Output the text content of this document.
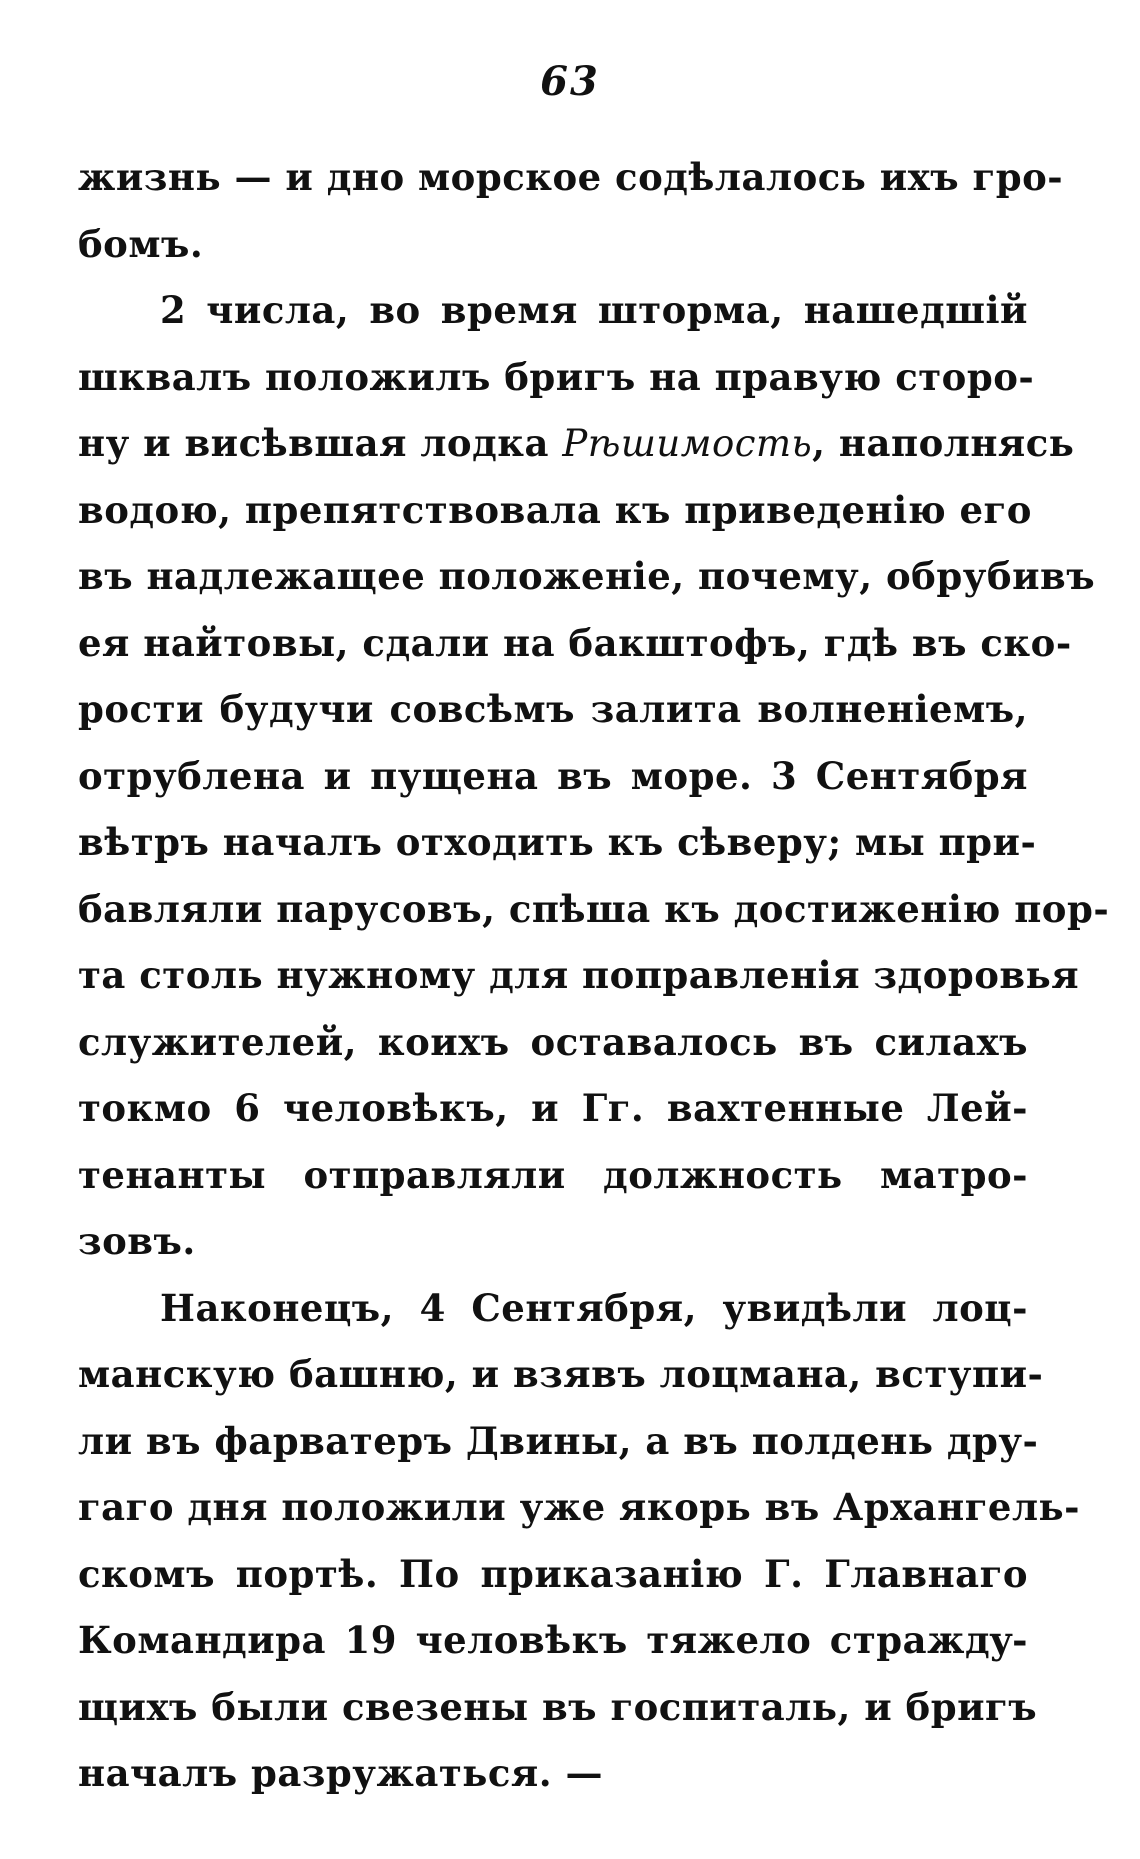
63
жизнь — и дно морское содѣлалось ихъ гро-
бомъ.
2 числа, во время шторма, нашедшій
шквалъ положилъ бригъ на правую сторо-
ну и висѣвшая лодка Рѣшимость, наполнясь
водою, препятствовала къ приведенію его
въ надлежащее положеніе, почему, обрубивъ
ея найтовы, сдали на бакштофъ, гдѣ въ ско-
рости будучи совсѣмъ залита волненіемъ,
отрублена и пущена въ море. 3 Сентября
вѣтръ началъ отходить къ сѣверу; мы при-
бавляли парусовъ, спѣша къ достиженію пор-
та столь нужному для поправленія здоровья
служителей, коихъ оставалось въ силахъ
токмо 6 человѣкъ, и Гг. вахтенные Лей-
тенанты отправляли должность матро-
зовъ.
Наконецъ, 4 Сентября, увидѣли лоц-
манскую башню, и взявъ лоцмана, вступи-
ли въ фарватеръ Двины, а въ полдень дру-
гаго дня положили уже якорь въ Архангель-
скомъ портѣ. По приказанію Г. Главнаго
Командира 19 человѣкъ тяжело страждy-
щихъ были свезены въ госпиталь, и бригъ
началъ разружаться. —
